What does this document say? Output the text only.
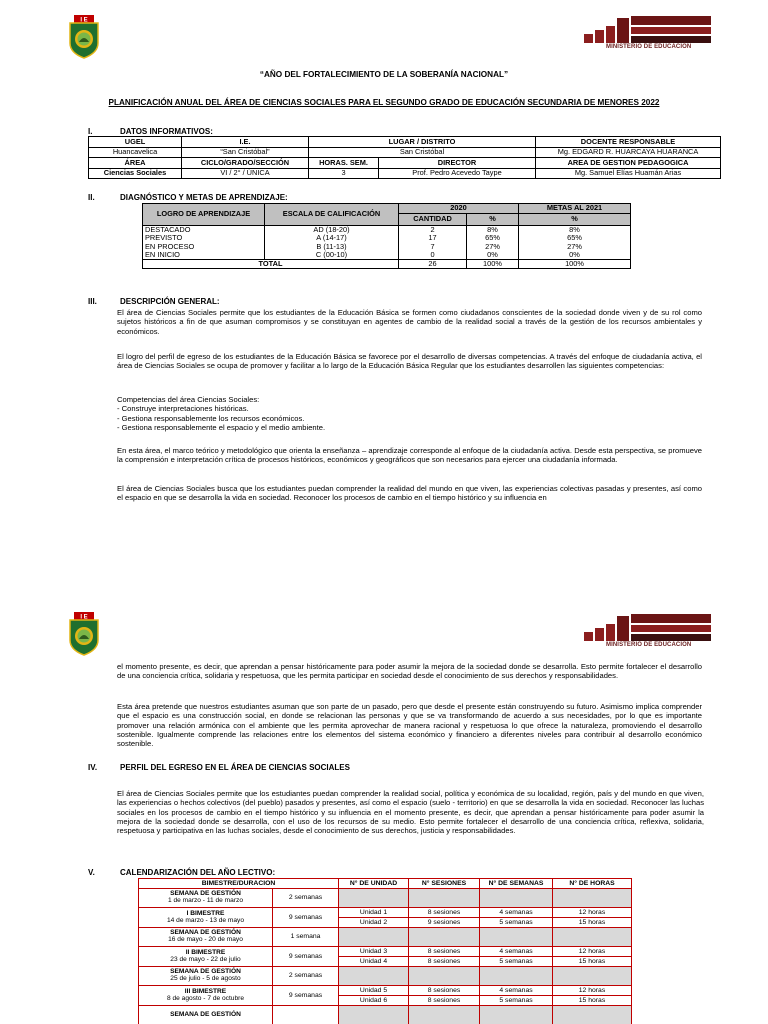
I E
MINISTERIO DE EDUCACIÓN
“AÑO DEL FORTALECIMIENTO DE LA SOBERANÍA NACIONAL”
PLANIFICACIÓN ANUAL DEL ÁREA DE CIENCIAS SOCIALES PARA EL SEGUNDO GRADO DE EDUCACIÓN SECUNDARIA DE MENORES 2022
I.	DATOS INFORMATIVOS:
UGEL	I.E.	LUGAR / DISTRITO		DOCENTE RESPONSABLE
Huancavelica	“San Cristóbal”	San Cristóbal		Mg. EDGARD R. HUARCAYA HUARANCA
ÁREA	CICLO/GRADO/SECCIÓN	HORAS. SEM.	DIRECTOR	AREA DE GESTION PEDAGOGICA
Ciencias Sociales	VI / 2° / ÚNICA	3	Prof. Pedro Acevedo Taype	Mg. Samuel Elías Huamán Arias
II.	DIAGNÓSTICO Y METAS DE APRENDIZAJE:
LOGRO DE APRENDIZAJE	ESCALA DE CALIFICACIÓN	2020		METAS AL 2021
		CANTIDAD	%	%
DESTACADO	AD (18-20)	2	8%	8%
PREVISTO	A (14-17)	17	65%	65%
EN PROCESO	B (11-13)	7	27%	27%
EN INICIO	C (00-10)	0	0%	0%
TOTAL		26	100%	100%
III.	DESCRIPCIÓN GENERAL:
El área de Ciencias Sociales permite que los estudiantes de la Educación Básica se formen como ciudadanos conscientes de la sociedad donde viven y de su rol como sujetos históricos a fin de que asuman compromisos y se constituyan en agentes de cambio de la realidad social a través de la gestión de los recursos ambientales y económicos.
El logro del perfil de egreso de los estudiantes de la Educación Básica se favorece por el desarrollo de diversas competencias. A través del enfoque de ciudadanía activa, el área de Ciencias Sociales se ocupa de promover y facilitar a lo largo de la Educación Básica Regular que los estudiantes desarrollen las siguientes competencias:
Competencias del área Ciencias Sociales:
- Construye interpretaciones históricas.
- Gestiona responsablemente los recursos económicos.
- Gestiona responsablemente el espacio y el medio ambiente.
En esta área, el marco teórico y metodológico que orienta la enseñanza – aprendizaje corresponde al enfoque de la ciudadanía activa. Desde esta perspectiva, se promueve la comprensión e interpretación crítica de procesos históricos, económicos y geográficos que son necesarios para ejercer una ciudadanía informada.
El área de Ciencias Sociales busca que los estudiantes puedan comprender la realidad del mundo en que viven, las experiencias colectivas pasadas y presentes, así como el espacio en que se desarrolla la vida en sociedad. Reconocer los procesos de cambio en el tiempo histórico y su influencia en
I E
MINISTERIO DE EDUCACIÓN
el momento presente, es decir, que aprendan a pensar históricamente para poder asumir la mejora de la sociedad donde se desarrolla. Esto permite fortalecer el desarrollo de una conciencia crítica, solidaria y respetuosa, que les permita participar en sociedad desde el conocimiento de sus derechos y responsabilidades.
Esta área pretende que nuestros estudiantes asuman que son parte de un pasado, pero que desde el presente están construyendo su futuro. Asimismo implica comprender que el espacio es una construcción social, en donde se relacionan las personas y que se va transformando de acuerdo a sus necesidades, por lo que es importante promover una relación armónica con el ambiente que les permita aprovechar de manera racional y respetuosa lo que ofrece la naturaleza, promoviendo el desarrollo sostenible. Igualmente comprende las relaciones entre los elementos del sistema económico y financiero a diferentes niveles para contribuir al desarrollo económico sostenible.
IV.	PERFIL DEL EGRESO EN EL ÁREA DE CIENCIAS SOCIALES
El área de Ciencias Sociales permite que los estudiantes puedan comprender la realidad social, política y económica de su localidad, región, país y del mundo en que viven, las experiencias o hechos colectivos (del pueblo) pasados y presentes, así como el espacio (suelo - territorio) en que se desarrolla la vida en sociedad. Reconocer las luchas sociales en los procesos de cambio en el tiempo histórico y su influencia en el momento presente, es decir, que aprendan a pensar históricamente para poder asumir la mejora de la sociedad donde se desarrolla, con el uso de los recursos de su medio. Esto permite fortalecer el desarrollo de una conciencia crítica, reflexiva, solidaria, respetuosa y participativa en las luchas sociales, desde el conocimiento de sus derechos, justicia y responsabilidades.
V.	CALENDARIZACIÓN DEL AÑO LECTIVO:
BIMESTRE/DURACION		N° DE UNIDAD	N° SESIONES	N° DE SEMANAS	N° DE HORAS
SEMANA DE GESTIÓN
1 de marzo - 11 de marzo	2 semanas				
I BIMESTRE
14 de marzo - 13 de mayo	9 semanas	Unidad 1	8 sesiones	4 semanas	12 horas
		Unidad 2	9 sesiones	5 semanas	15 horas
SEMANA DE GESTIÓN
16 de mayo - 20 de mayo	1 semana				
II BIMESTRE
23 de mayo - 22 de julio	9 semanas	Unidad 3	8 sesiones	4 semanas	12 horas
		Unidad 4	8 sesiones	5 semanas	15 horas
SEMANA DE GESTIÓN
25 de julio - 5 de agosto	2 semanas				
III BIMESTRE
8 de agosto - 7 de octubre	9 semanas	Unidad 5	8 sesiones	4 semanas	12 horas
		Unidad 6	8 sesiones	5 semanas	15 horas
SEMANA DE GESTIÓN					
